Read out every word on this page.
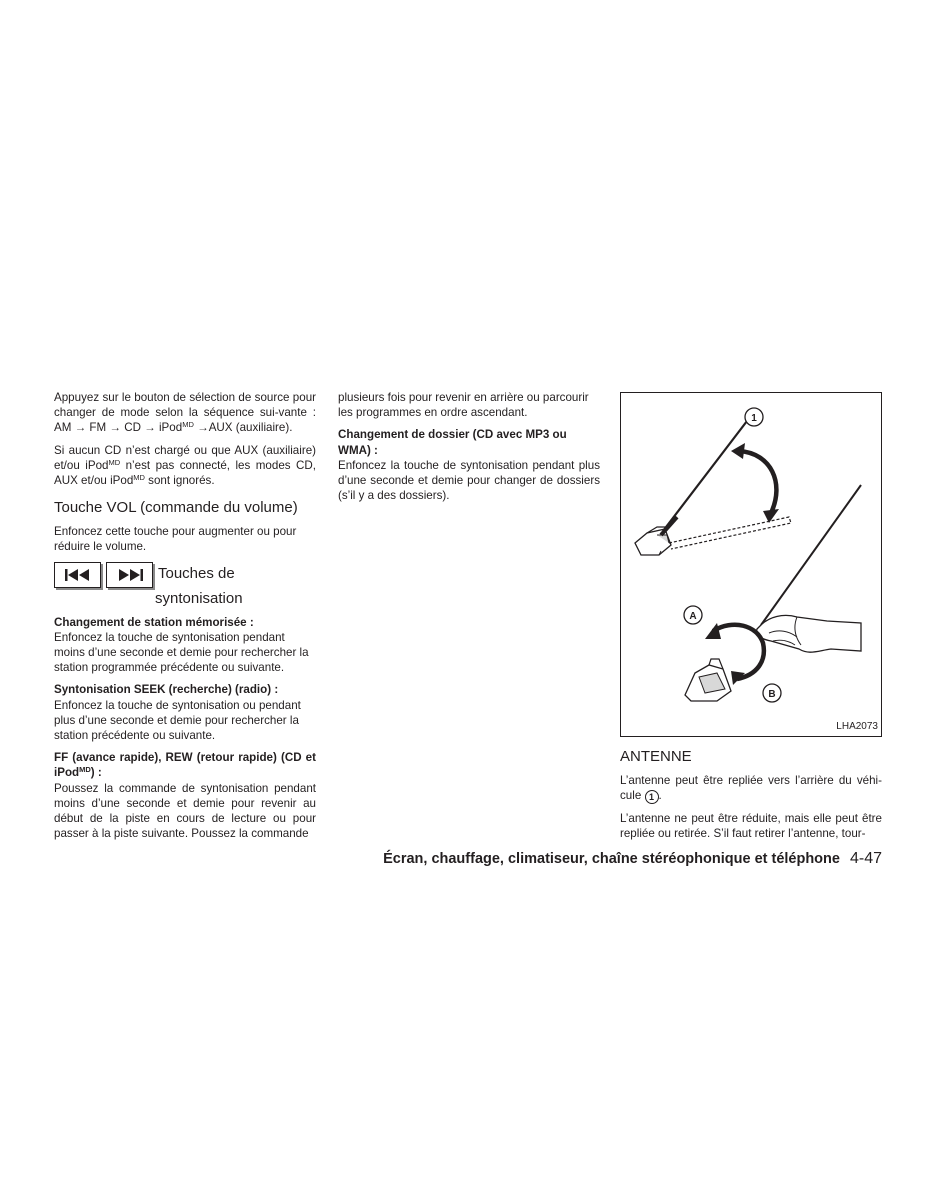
Appuyez sur le bouton de sélection de source pour changer de mode selon la séquence sui-vante : AM → FM → CD → iPod$^{MD}$ →AUX (auxiliaire).

Si aucun CD n’est chargé ou que AUX (auxiliaire) et/ou iPod$^{MD}$ n’est pas connecté, les modes CD, AUX et/ou iPod$^{MD}$ sont ignorés.

Touche VOL (commande du volume)

Enfoncez cette touche pour augmenter ou pour réduire le volume.

Touches de
syntonisation
Changement de station mémorisée :

Enfoncez la touche de syntonisation pendant moins d’une seconde et demie pour rechercher la station programmée précédente ou suivante.

Syntonisation SEEK (recherche) (radio) :

Enfoncez la touche de syntonisation ou pendant plus d’une seconde et demie pour rechercher la station précédente ou suivante.

FF (avance rapide), REW (retour rapide) (CD et iPod$^{MD}$) :

Poussez la commande de syntonisation pendant moins d’une seconde et demie pour revenir au début de la piste en cours de lecture ou pour passer à la piste suivante. Poussez la commande

plusieurs fois pour revenir en arrière ou parcourir les programmes en ordre ascendant.

Changement de dossier (CD avec MP3 ou WMA) :

Enfoncez la touche de syntonisation pendant plus d’une seconde et demie pour changer de dossiers (s’il y a des dossiers).

1
A
B
LHA2073
ANTENNE

L’antenne peut être repliée vers l’arrière du véhi-cule 1 .

L’antenne ne peut être réduite, mais elle peut être repliée ou retirée. S’il faut retirer l’antenne, tour-

Écran, chauffage, climatiseur, chaîne stéréophonique et téléphone 4-47
